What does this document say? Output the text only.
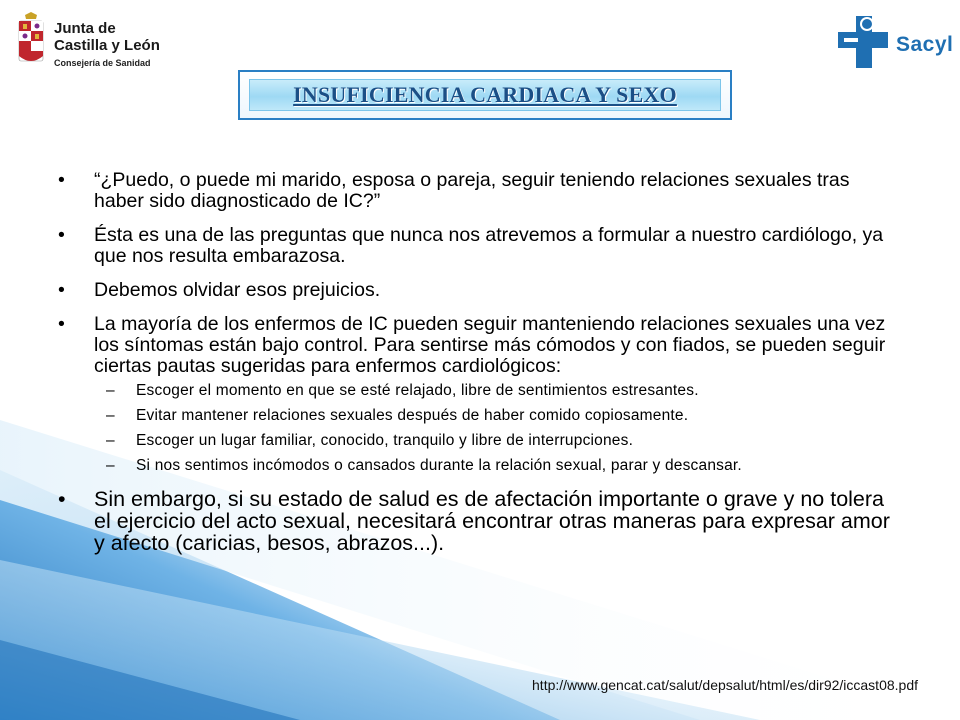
Junta de
Castilla y León
Consejería de Sanidad
Sacyl
INSUFICIENCIA CARDIACA Y SEXO
• “¿Puedo, o puede mi marido, esposa o pareja, seguir teniendo relaciones sexuales tras haber sido diagnosticado de IC?”
• Ésta es una de las preguntas que nunca nos atrevemos a formular a nuestro cardiólogo, ya que nos resulta embarazosa.
• Debemos olvidar esos prejuicios.
• La mayoría de los enfermos de IC pueden seguir manteniendo relaciones sexuales una vez los síntomas están bajo control. Para sentirse más cómodos y con fiados, se pueden seguir ciertas pautas sugeridas para enfermos cardiológicos:
– Escoger el momento en que se esté relajado, libre de sentimientos estresantes.
– Evitar mantener relaciones sexuales después de haber comido copiosamente.
– Escoger un lugar familiar, conocido, tranquilo y libre de interrupciones.
– Si nos sentimos incómodos o cansados durante la relación sexual, parar y descansar.
• Sin embargo, si su estado de salud es de afectación importante o grave y no tolera el ejercicio del acto sexual, necesitará encontrar otras maneras para expresar amor y afecto (caricias, besos, abrazos...).
http://www.gencat.cat/salut/depsalut/html/es/dir92/iccast08.pdf
